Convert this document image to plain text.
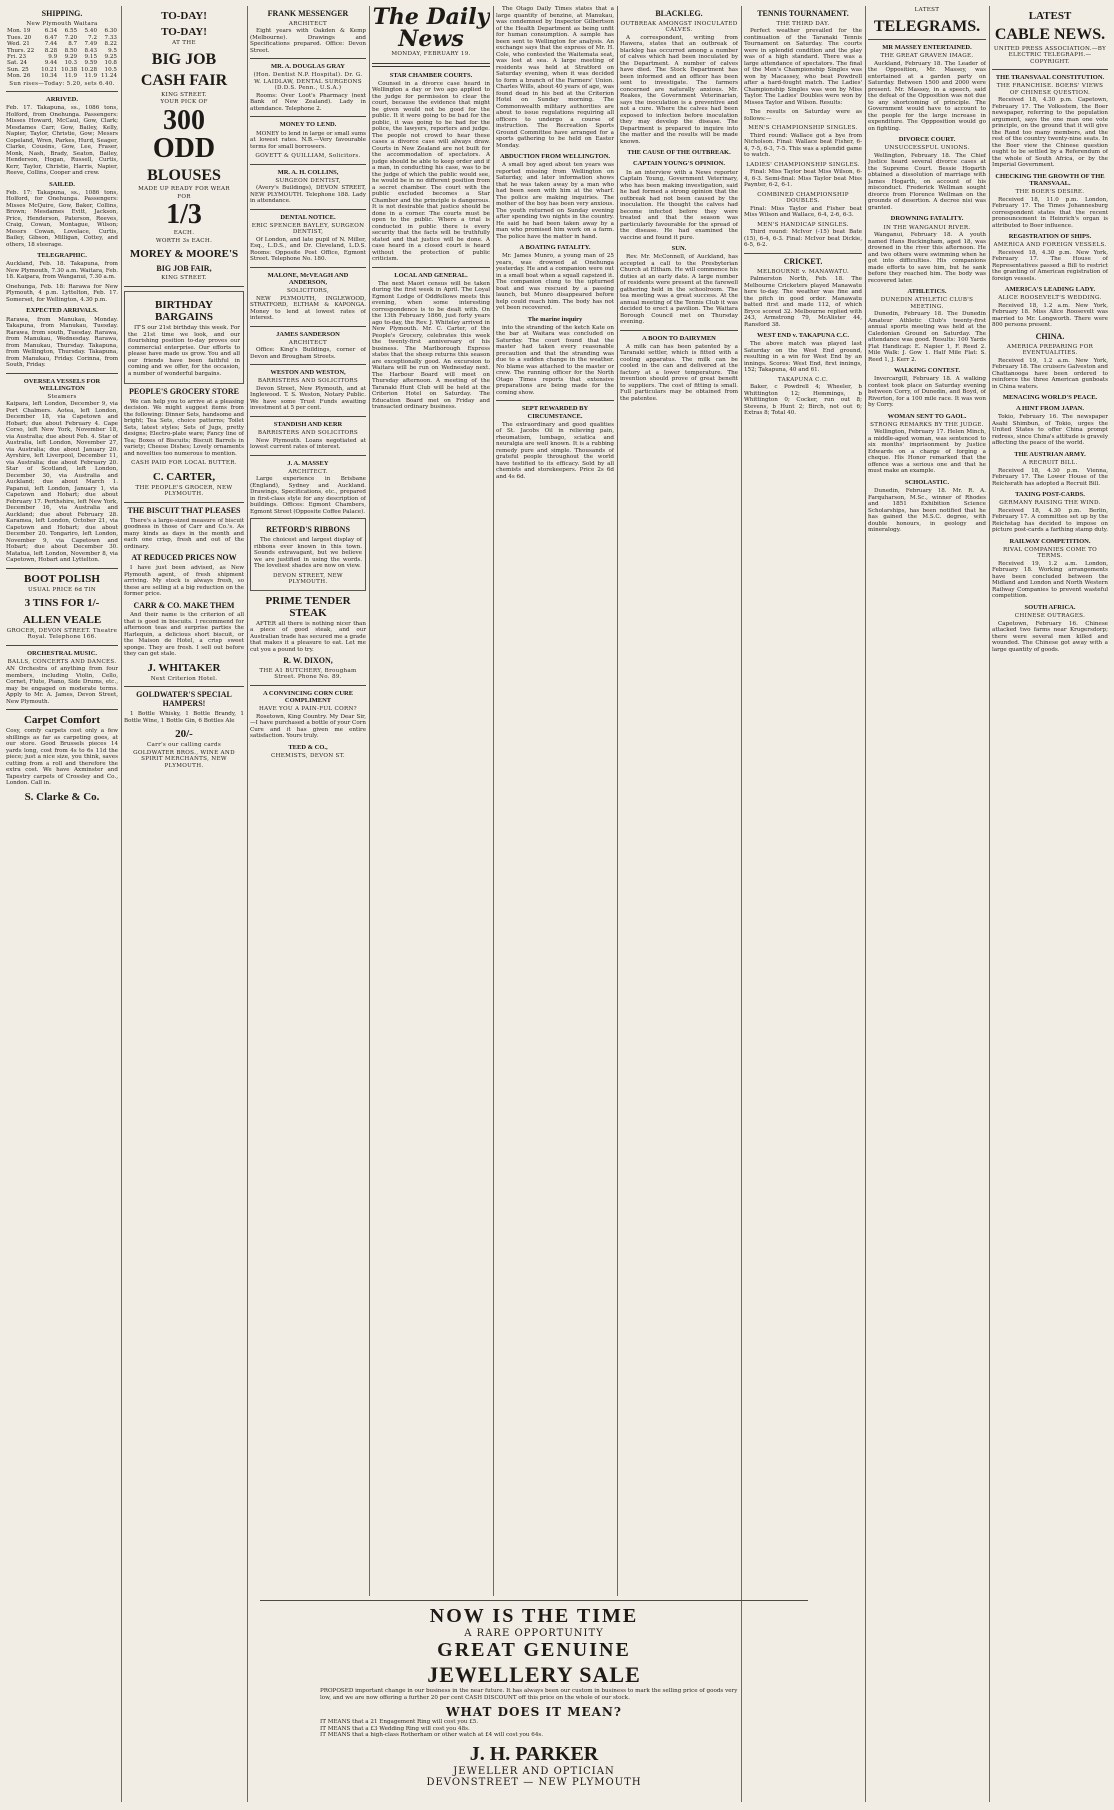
SHIPPING.
New Plymouth Waitara
Mon. 19	6.34	6.55	5.40	6.30
Tues. 20	6.47	7.20	7.2	7.33
Wed. 21	7.44	8.7	7.49	8.22
Thurs. 22	8.28	8.50	8.43	9.5
Fri. 23	9.9	9.29	9.15	9.25
Sat. 24	9.44	10.3	9.59	10.8
Sun. 25	10.21	10.38	10.28	10.5
Mon. 26	10.34	11.9	11.9	11.24
Sun rises—Today: 5.20, sets 6.40.
ARRIVED.

Feb. 17. Takapuna, ss., 1086 tons, Holford, from Onehunga. Passengers: Misses Howard, McCaul, Gow, Clark; Mesdames Carr, Gow, Bailey, Kelly, Napier, Taylor, Christie, Gow; Messrs Copeland, Wren, Parkes, Hurd, Seager, Clarke, Cousins, Gow, Lee, Fraser, Monk, Nash, Brady, Seaton, Bailey, Henderson, Hogan, Russell, Curtis, Kerr, Taylor, Christie, Harris, Napier, Reeve, Collins, Cooper and crew.

SAILED.

Feb. 17: Takapuna, ss., 1086 tons, Holford, for Onehunga. Passengers: Misses McQuire, Gow, Baker, Collins, Brown; Mesdames Evitt, Jackson, Price, Henderson, Paterson, Reeves, Craig, Cowan, Montague, Wilson; Messrs Cowan, Lovelace, Curtis, Bailey, Gibson, Milligan, Cottey, and others, 18 steerage.

TELEGRAPHIC.

Auckland, Feb. 18. Takapuna, from New Plymouth, 7.30 a.m. Waitara, Feb. 18. Kaipara, from Wanganui, 7.30 a.m.

Onehunga, Feb. 18: Rarawa for New Plymouth, 4 p.m. Lyttelton, Feb. 17. Somerset, for Wellington, 4.30 p.m.

EXPECTED ARRIVALS.

Rarawa, from Manukau, Monday. Takapuna, from Manukau, Tuesday. Rarawa, from south, Tuesday. Rarawa, from Manukau, Wednesday. Rarawa, from Manukau, Thursday. Takapuna, from Wellington, Thursday. Takapuna, from Manukau, Friday. Corinna, from South, Friday.

OVERSEA VESSELS FOR WELLINGTON
Steamers

Kaipara, left London, December 9, via Port Chalmers. Aotea, left London, December 18, via Capetown and Hobart; due about February 4. Cape Corso, left New York, November 18, via Australia; due about Feb. 4. Star of Australia, left London, November 27, via Australia; due about January 20. Ayrshire, left Liverpool, December 11, via Australia; due about February 20. Star of Scotland, left London, December 30, via Australia and Auckland; due about March 1. Papanui, left London, January 1, via Capetown and Hobart; due about February 17. Perthshire, left New York, December 16, via Australia and Auckland; due about February 28. Karamea, left London, October 21, via Capetown and Hobart; due about December 20. Tongariro, left London, November 9, via Capetown and Hobart; due about December 30. Matatua, left London, November 8, via Capetown, Hobart and Lyttelton.

BOOT POLISH
USUAL PRICE 6d TIN
3 TINS FOR 1/-
ALLEN VEALE
GROCER, DEVON STREET. Theatre Royal. Telephone 166.
ORCHESTRAL MUSIC.
BALLS, CONCERTS AND DANCES.

AN Orchestra of anything from four members, including Violin, Cello, Cornet, Flute, Piano, Side Drums, etc., may be engaged on moderate terms. Apply to Mr. A. James, Devon Street, New Plymouth.

Carpet Comfort

Cosy, comfy carpets cost only a few shillings as far as carpeting goes, at our store. Good Brussels pieces 14 yards long, cost from 4s to 6s 11d the piece; just a nice size, you think, saves cutting from a roll and therefore the extra cost. We have Axminster and Tapestry carpets of Crossley and Co., London. Call in.

S. Clarke & Co.
TO-DAY!
TO-DAY!
AT THE
BIG JOB
CASH FAIR
KING STREET.
YOUR PICK OF
300
ODD
BLOUSES
MADE UP READY FOR WEAR
FOR
1/3
EACH.
WORTH 3s EACH.
MOREY & MOORE'S
BIG JOB FAIR,
KING STREET.
BIRTHDAY BARGAINS

IT'S our 21st birthday this week. For the 21st time we look, and our flourishing position to-day proves our commercial enterprise. Our efforts to please have made us grow. You and all our friends have been faithful in coming and we offer, for the occasion, a number of wonderful bargains.

PEOPLE'S GROCERY STORE

We can help you to arrive at a pleasing decision. We might suggest items from the following: Dinner Sets, handsome and bright; Tea Sets, choice patterns; Toilet Sets, latest styles; Sets of Jugs, pretty designs; Electro-plate ware; Fancy line of Tea; Boxes of Biscuits; Biscuit Barrels in variety; Cheese Dishes; Lovely ornaments and novelties too numerous to mention.

CASH PAID FOR LOCAL BUTTER.
C. CARTER,
THE PEOPLE'S GROCER, NEW PLYMOUTH.
THE BISCUIT THAT PLEASES

There's a large-sized measure of biscuit goodness in those of Carr and Co.'s. As many kinds as days in the month and each one crisp, fresh and out of the ordinary.

AT REDUCED PRICES NOW

I have just been advised, as New Plymouth agent, of fresh shipment arriving. My stock is always fresh, so these are selling at a big reduction on the former price.

CARR & CO. MAKE THEM

And their name is the criterion of all that is good in biscuits. I recommend for afternoon teas and surprise parties the Harlequin, a delicious short biscuit, or the Maison de Hotel, a crisp sweet sponge. They are fresh. I sell out before they can get stale.

J. WHITAKER
Next Criterion Hotel.
GOLDWATER'S SPECIAL HAMPERS!

1 Bottle Whisky, 1 Bottle Brandy, 1 Bottle Wine, 1 Bottle Gin, 6 Bottles Ale

20/-
Carr's our calling cards
GOLDWATER BROS., WINE AND SPIRIT MERCHANTS, NEW PLYMOUTH.
FRANK MESSENGER
ARCHITECT

Eight years with Oakden & Kemp (Melbourne). Drawings and Specifications prepared. Office: Devon Street.

MR. A. DOUGLAS GRAY
(Hon. Dentist N.P. Hospital). Dr. G. W. LAIDLAW, DENTAL SURGEONS (D.D.S. Penn., U.S.A.)

Rooms: Over Loot's Pharmacy (next Bank of New Zealand). Lady in attendance. Telephone 2.

MONEY TO LEND.

MONEY to lend in large or small sums at lowest rates. N.B.—Very favourable terms for small borrowers.

GOVETT & QUILLIAM, Solicitors.
MR. A. H. COLLINS,
SURGEON DENTIST,

(Avery's Buildings), DEVON STREET, NEW PLYMOUTH. Telephone 188. Lady in attendance.

DENTAL NOTICE.
ERIC SPENCER BAYLEY, SURGEON DENTIST,

Of London, and late pupil of N. Miller, Esq., L.D.S., and Dr. Cleveland, L.D.S. Rooms: Opposite Post Office, Egmont Street. Telephone No. 180.

MALONE, McVEAGH AND ANDERSON,
SOLICITORS,

NEW PLYMOUTH, INGLEWOOD, STRATFORD, ELTHAM & KAPONGA. Money to lend at lowest rates of interest.

JAMES SANDERSON
ARCHITECT

Office: King's Buildings, corner of Devon and Brougham Streets.

WESTON AND WESTON,
BARRISTERS AND SOLICITORS

Devon Street, New Plymouth, and at Inglewood. T. S. Weston, Notary Public. We have some Trust Funds awaiting investment at 5 per cent.

STANDISH AND KERR
BARRISTERS AND SOLICITORS

New Plymouth. Loans negotiated at lowest current rates of interest.

J. A. MASSEY
ARCHITECT.

Large experience in Brisbane (England), Sydney and Auckland. Drawings, Specifications, etc., prepared in first-class style for any description of buildings. Offices: Egmont Chambers, Egmont Street (Opposite Coffee Palace).

RETFORD'S RIBBONS

The choicest and largest display of ribbons ever known in this town. Sounds extravagant, but we believe we are justified in using the words. The loveliest shades are now on view.

DEVON STREET, NEW PLYMOUTH.
PRIME TENDER STEAK

AFTER all there is nothing nicer than a piece of good steak, and our Australian trade has secured me a grade that makes it a pleasure to eat. Let me cut you a pound to try.

R. W. DIXON,
THE A1 BUTCHERY, Brougham Street. Phone No. 89.
A CONVINCING CORN CURE COMPLIMENT
HAVE YOU A PAIN-FUL CORN?

Rosetown, King Country. My Dear Sir,—I have purchased a bottle of your Corn Cure and it has given me entire satisfaction. Yours truly.

TEED & CO.,
CHEMISTS, DEVON ST.
The Daily News
MONDAY, FEBRUARY 19.
STAR CHAMBER COURTS.

Counsel in a divorce case heard in Wellington a day or two ago applied to the judge for permission to clear the court, because the evidence that might be given would not be good for the public. It it were going to be bad for the public, it was going to be bad for the police, the lawyers, reporters and judge. The people not crowd to hear these cases a divorce case will always draw. Courts in New Zealand are not built for the accommodation of spectators. A judge should be able to keep order and if a man, in conducting his case, was to be the judge of which the public would see, he would be in no different position from a secret chamber. The court with the public excluded becomes a Star Chamber and the principle is dangerous. It is not desirable that justice should be done in a corner. The courts must be open to the public. Where a trial is conducted in public there is every security that the facts will be truthfully stated and that justice will be done. A case heard in a closed court is heard without the protection of public criticism.

LOCAL AND GENERAL.

The next Maori census will be taken during the first week in April. The Loyal Egmont Lodge of Oddfellows meets this evening, when some interesting correspondence is to be dealt with. On the 13th February 1866, just forty years ago to-day, the Rev. J. Whiteley arrived in New Plymouth. Mr. C. Carter, of the People's Grocery, celebrates this week the twenty-first anniversary of his business. The Marlborough Express states that the sheep returns this season are exceptionally good. An excursion to Waitara will be run on Wednesday next. The Harbour Board will meet on Thursday afternoon. A meeting of the Taranaki Hunt Club will be held at the Criterion Hotel on Saturday. The Education Board met on Friday and transacted ordinary business.

The Otago Daily Times states that a large quantity of benzine, at Manukau, was condemned by Inspector Gilbertson of the Health Department as being unfit for human consumption. A sample has been sent to Wellington for analysis. An exchange says that the express of Mr. H. Cole, who contested the Waitemata seat, was lost at sea. A large meeting of residents was held at Stratford on Saturday evening, when it was decided to form a branch of the Farmers' Union. Charles Wills, about 40 years of age, was found dead in his bed at the Criterion Hotel on Sunday morning. The Commonwealth military authorities are about to issue regulations requiring all officers to undergo a course of instruction. The Recreation Sports Ground Committee have arranged for a sports gathering to be held on Easter Monday.

ABDUCTION FROM WELLINGTON.

A small boy aged about ten years was reported missing from Wellington on Saturday, and later information shows that he was taken away by a man who had been seen with him at the wharf. The police are making inquiries. The mother of the boy has been very anxious. The youth returned on Sunday evening after spending two nights in the country. He said he had been taken away by a man who promised him work on a farm. The police have the matter in hand.

A BOATING FATALITY.

Mr. James Munro, a young man of 25 years, was drowned at Onehunga yesterday. He and a companion were out in a small boat when a squall capsized it. The companion clung to the upturned boat and was rescued by a passing launch, but Munro disappeared before help could reach him. The body has not yet been recovered.

The marine inquiry

into the stranding of the ketch Kate on the bar at Waitara was concluded on Saturday. The court found that the master had taken every reasonable precaution and that the stranding was due to a sudden change in the weather. No blame was attached to the master or crew. The running officer for the North Otago Times reports that extensive preparations are being made for the coming show.

SEPT REWARDED BY CIRCUMSTANCE.

The extraordinary and good qualities of St. Jacobs Oil in relieving pain, rheumatism, lumbago, sciatica and neuralgia are well known. It is a rubbing remedy pure and simple. Thousands of grateful people throughout the world have testified to its efficacy. Sold by all chemists and storekeepers. Price 2s 6d and 4s 6d.

BLACKLEG.
OUTBREAK AMONGST INOCULATED CALVES.

A correspondent, writing from Hawera, states that an outbreak of blackleg has occurred among a number of calves which had been inoculated by the Department. A number of calves have died. The Stock Department has been informed and an officer has been sent to investigate. The farmers concerned are naturally anxious. Mr. Reakes, the Government Veterinarian, says the inoculation is a preventive and not a cure. Where the calves had been exposed to infection before inoculation they may develop the disease. The Department is prepared to inquire into the matter and the results will be made known.

THE CAUSE OF THE OUTBREAK.
CAPTAIN YOUNG'S OPINION.

In an interview with a News reporter Captain Young, Government Veterinary, who has been making investigation, said he had formed a strong opinion that the outbreak had not been caused by the inoculation. He thought the calves had become infected before they were treated and that the season was particularly favourable for the spread of the disease. He had examined the vaccine and found it pure.

SUN.

Rev. Mr. McConnell, of Auckland, has accepted a call to the Presbyterian Church at Eltham. He will commence his duties at an early date. A large number of residents were present at the farewell gathering held in the schoolroom. The tea meeting was a great success. At the annual meeting of the Tennis Club it was decided to erect a pavilion. The Waitara Borough Council met on Thursday evening.

A BOON TO DAIRYMEN

A milk can has been patented by a Taranaki settler, which is fitted with a cooling apparatus. The milk can be cooled in the can and delivered at the factory at a lower temperature. The invention should prove of great benefit to suppliers. The cost of fitting is small. Full particulars may be obtained from the patentee.

TENNIS TOURNAMENT.
THE THIRD DAY.

Perfect weather prevailed for the continuation of the Taranaki Tennis Tournament on Saturday. The courts were in splendid condition and the play was of a high standard. There was a large attendance of spectators. The final of the Men's Championship Singles was won by Macassey, who beat Powdrell after a hard-fought match. The Ladies' Championship Singles was won by Miss Taylor. The Ladies' Doubles were won by Misses Taylor and Wilson. Results:

The results on Saturday were as follows:—

MEN'S CHAMPIONSHIP SINGLES.

Third round: Wallace got a bye from Nicholson. Final: Wallace beat Fisher, 6-4, 7-5, 6-3, 7-5. This was a splendid game to watch.

LADIES' CHAMPIONSHIP SINGLES.

Final: Miss Taylor beat Miss Wilson, 6-4, 6-3. Semi-final: Miss Taylor beat Miss Paynter, 6-2, 6-1.

COMBINED CHAMPIONSHIP DOUBLES.

Final: Miss Taylor and Fisher beat Miss Wilson and Wallace, 6-4, 2-6, 6-3.

MEN'S HANDICAP SINGLES.

Third round: McIvor (-15) beat Bate (15), 6-4, 6-3. Final: McIvor beat Dickie, 6-5, 6-2.

CRICKET.
MELBOURNE v. MANAWATU.

Palmerston North, Feb. 18. The Melbourne Cricketers played Manawatu here to-day. The weather was fine and the pitch in good order. Manawatu batted first and made 112, of which Bryce scored 32. Melbourne replied with 243, Armstrong 79, McAlister 44, Ransford 38.

WEST END v. TAKAPUNA C.C.

The above match was played last Saturday on the West End ground, resulting in a win for West End by an innings. Scores: West End, first innings, 152; Takapuna, 40 and 61.

TAKAPUNA C.C.

Baker, c Powdrell 4; Wheeler, b Whittington 12; Hemmings, b Whittington 0; Cocker, run out 8; Stevens, b Hunt 2; Birch, not out 6; Extras 8; Total 40.

LATEST
TELEGRAMS.
MR MASSEY ENTERTAINED.
THE GREAT GRAVEN IMAGE.

Auckland, February 18. The Leader of the Opposition, Mr. Massey, was entertained at a garden party on Saturday. Between 1500 and 2000 were present. Mr. Massey, in a speech, said the defeat of the Opposition was not due to any shortcoming of principle. The Government would have to account to the people for the large increase in expenditure. The Oppposition would go on fighting.

DIVORCE COURT.
UNSUCCESSFUL UNIONS.

Wellington, February 18. The Chief Justice heard several divorce cases at the Supreme Court. Bessie Hogarth obtained a dissolution of marriage with James Hogarth, on account of his misconduct. Frederick Wellman sought divorce from Florence Wellman on the grounds of desertion. A decree nisi was granted.

DROWNING FATALITY.
IN THE WANGANUI RIVER.

Wanganui, February 18. A youth named Hans Buckingham, aged 18, was drowned in the river this afternoon. He and two others were swimming when he got into difficulties. His companions made efforts to save him, but he sank before they reached him. The body was recovered later.

ATHLETICS.
DUNEDIN ATHLETIC CLUB'S MEETING.

Dunedin, February 18. The Dunedin Amateur Athletic Club's twenty-first annual sports meeting was held at the Caledonian Ground on Saturday. The attendance was good. Results: 100 Yards Flat Handicap: E. Napier 1, F. Reed 2. Mile Walk: J. Gow 1. Half Mile Flat: S. Reed 1, J. Kerr 2.

WALKING CONTEST.

Invercargill, February 18. A walking contest took place on Saturday evening between Corry, of Dunedin, and Boyd, of Riverton, for a 100 mile race. It was won by Corry.

WOMAN SENT TO GAOL.
STRONG REMARKS BY THE JUDGE.

Wellington, February 17. Helen Minch, a middle-aged woman, was sentenced to six months' imprisonment by Justice Edwards on a charge of forging a cheque. His Honor remarked that the offence was a serious one and that he must make an example.

SCHOLASTIC.

Dunedin, February 18. Mr. R. A. Farquharson, M.Sc., winner of Rhodes and 1851 Exhibition Science Scholarships, has been notified that he has gained the M.S.C. degree, with double honours, in geology and mineralogy.

LATEST
CABLE NEWS.
UNITED PRESS ASSOCIATION.—BY ELECTRIC TELEGRAPH.—COPYRIGHT.
THE TRANSVAAL CONSTITUTION.
THE FRANCHISE. BOERS' VIEWS OF CHINESE QUESTION.

Received 18, 4.30 p.m. Capetown, February 17. The Volksstem, the Boer newspaper, referring to the population argument, says the one man one vote principle, on the ground that it will give the Rand too many members, and the rest of the country twenty-nine seats. In the Boer view the Chinese question ought to be settled by a Referendum of the whole of South Africa, or by the Imperial Government.

CHECKING THE GROWTH OF THE TRANSVAAL.
THE BOER'S DESIRE.

Received 18, 11.0 p.m. London, February 17. The Times Johannesburg correspondent states that the recent pronouncement in Heinrich's organ is attributed to Boer influence.

REGISTRATION OF SHIPS.
AMERICA AND FOREIGN VESSELS.

Received 18, 4.30 p.m. New York, February 17. The House of Representatives passed a Bill to restrict the granting of American registration of foreign vessels.

AMERICA'S LEADING LADY.
ALICE ROOSEVELT'S WEDDING.

Received 18, 1.2 a.m. New York, February 18. Miss Alice Roosevelt was married to Mr. Longworth. There were 800 persons present.

CHINA.
AMERICA PREPARING FOR EVENTUALITIES.

Received 19, 1.2 a.m. New York, February 18. The cruisers Galveston and Chattanooga have been ordered to reinforce the three American gunboats in China waters.

MENACING WORLD'S PEACE.
A HINT FROM JAPAN.

Tokio, February 16. The newspaper Asahi Shimbun, of Tokio, urges the United States to offer China prompt redress, since China's attitude is gravely affecting the peace of the world.

THE AUSTRIAN ARMY.
A RECRUIT BILL.

Received 18, 4.30 p.m. Vienna, February 17. The Lower House of the Reichsrath has adopted a Recruit Bill.

TAXING POST-CARDS.
GERMANY RAISING THE WIND.

Received 18, 4.30 p.m. Berlin, February 17. A committee set up by the Reichstag has decided to impose on picture post-cards a farthing stamp duty.

RAILWAY COMPETITION.
RIVAL COMPANIES COME TO TERMS.

Received 19, 1.2 a.m. London, February 18. Working arrangements have been concluded between the Midland and London and North Western Railway Companies to prevent wasteful competition.

SOUTH AFRICA.
CHINESE OUTRAGES.

Capetown, February 16. Chinese attacked two farms near Krugersdorp; there were several men killed and wounded. The Chinese got away with a large quantity of goods.

NOW IS THE TIME
A RARE OPPORTUNITY
GREAT GENUINE
JEWELLERY SALE
PROPOSED important change in our business in the near future. It has always been our custom in business to mark the selling price of goods very low, and we are now offering a further 20 per cent CASH DISCOUNT off this price on the whole of our stock.
WHAT DOES IT MEAN?
IT MEANS that a 21 Engagement Ring will cost you £5.
IT MEANS that a £3 Wedding Ring will cost you 48s.
IT MEANS that a high-class Rotherham or other watch at £4 will cost you 64s.
J. H. PARKER
JEWELLER AND OPTICIAN
DEVONSTREET — NEW PLYMOUTH
